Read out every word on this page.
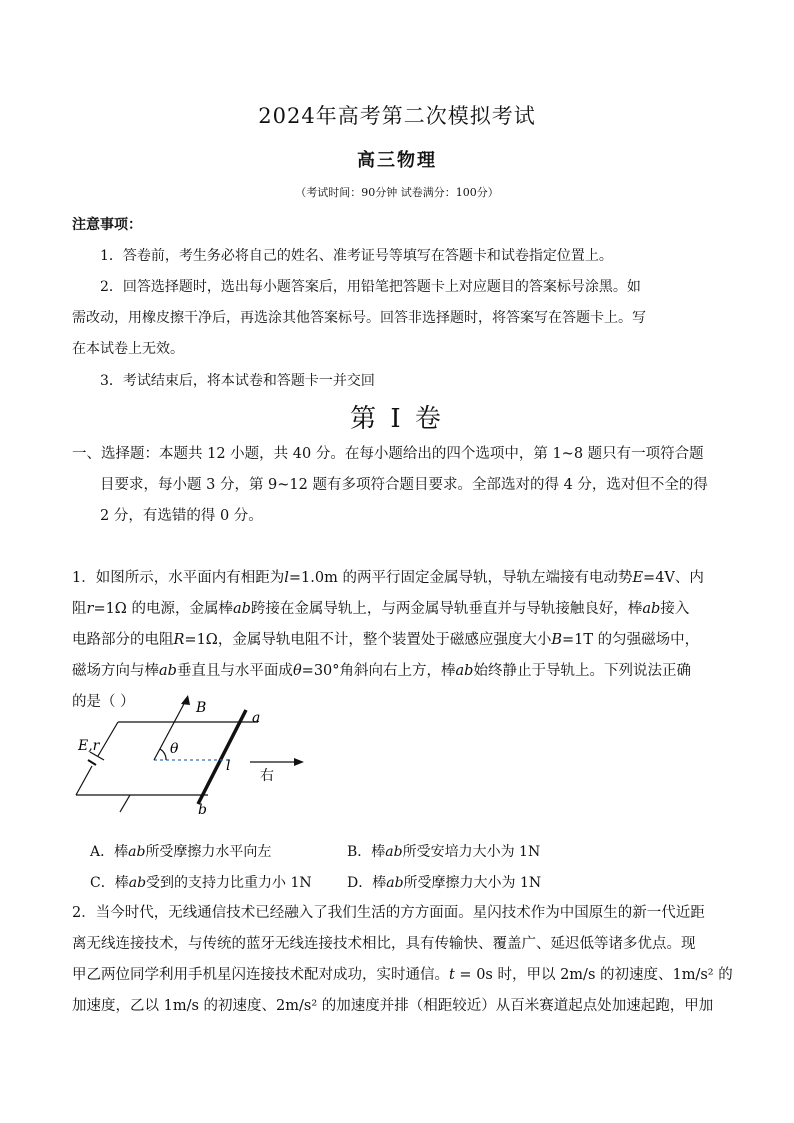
2024年高考第二次模拟考试
高三物理
（考试时间：90分钟 试卷满分：100分）
注意事项：
1．答卷前，考生务必将自己的姓名、准考证号等填写在答题卡和试卷指定位置上。
2．回答选择题时，选出每小题答案后，用铅笔把答题卡上对应题目的答案标号涂黑。如
需改动，用橡皮擦干净后，再选涂其他答案标号。回答非选择题时，将答案写在答题卡上。写
在本试卷上无效。
3．考试结束后，将本试卷和答题卡一并交回
第 I 卷
一、选择题：本题共 12 小题，共 40 分。在每小题给出的四个选项中，第 1~8 题只有一项符合题
目要求，每小题 3 分，第 9~12 题有多项符合题目要求。全部选对的得 4 分，选对但不全的得
2 分，有选错的得 0 分。
1．如图所示，水平面内有相距为l=1.0m 的两平行固定金属导轨，导轨左端接有电动势E=4V、内
阻r=1Ω 的电源，金属棒ab跨接在金属导轨上，与两金属导轨垂直并与导轨接触良好，棒ab接入
电路部分的电阻R=1Ω，金属导轨电阻不计，整个装置处于磁感应强度大小B=1T 的匀强磁场中，
磁场方向与棒ab垂直且与水平面成θ=30°角斜向右上方，棒ab始终静止于导轨上。下列说法正确
的是（ ）	B
a
b
E,r	θ
l
右
A．棒ab所受摩擦力水平向左	B．棒ab所受安培力大小为 1N
C．棒ab受到的支持力比重力小 1N	D．棒ab所受摩擦力大小为 1N
2．当今时代，无线通信技术已经融入了我们生活的方方面面。星闪技术作为中国原生的新一代近距
离无线连接技术，与传统的蓝牙无线连接技术相比，具有传输快、覆盖广、延迟低等诸多优点。现
甲乙两位同学利用手机星闪连接技术配对成功，实时通信。t = 0s 时，甲以 2m/s 的初速度、1m/s² 的
加速度，乙以 1m/s 的初速度、2m/s² 的加速度并排（相距较近）从百米赛道起点处加速起跑，甲加
